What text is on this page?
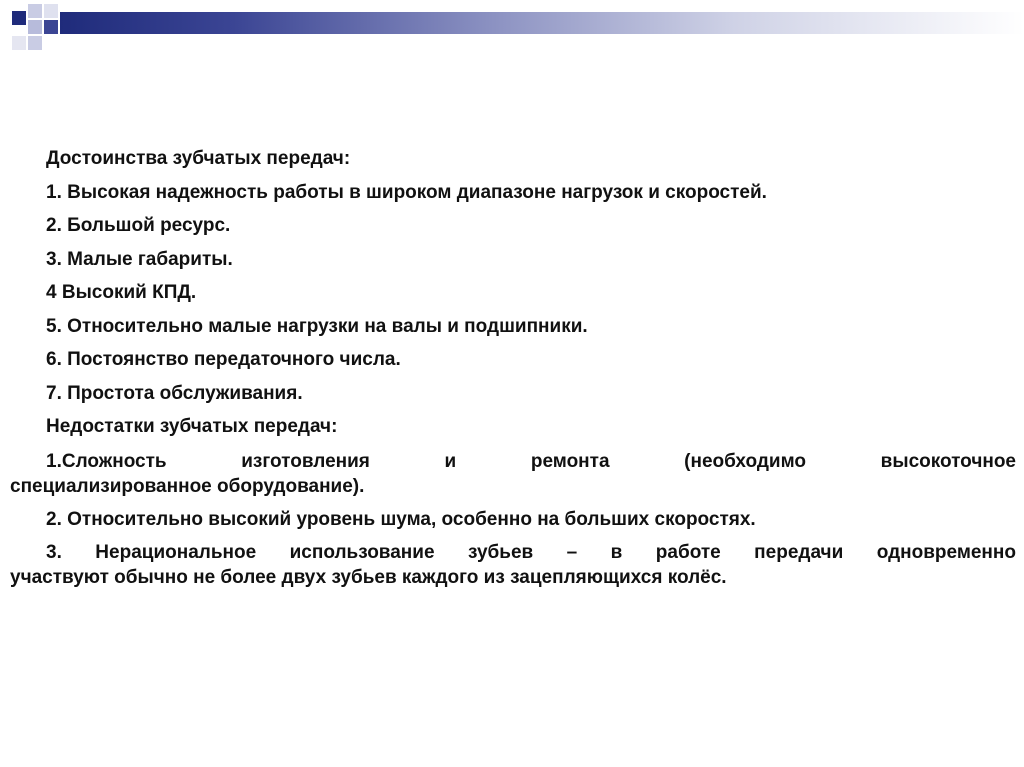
Достоинства зубчатых передач:

1. Высокая надежность работы в широком диапазоне нагрузок и скоростей.

2. Большой ресурс.

3. Малые габариты.

4 Высокий КПД.

5. Относительно малые нагрузки на валы и подшипники.

6. Постоянство передаточного числа.

7. Простота обслуживания.

Недостатки зубчатых передач:

1.Сложность изготовления и ремонта (необходимо высокоточное
специализированное оборудование).
2. Относительно высокий уровень шума, особенно на больших скоростях.
3. Нерациональное использование зубьев – в работе передачи одновременно
участвуют обычно не более двух зубьев каждого из зацепляющихся колёс.
